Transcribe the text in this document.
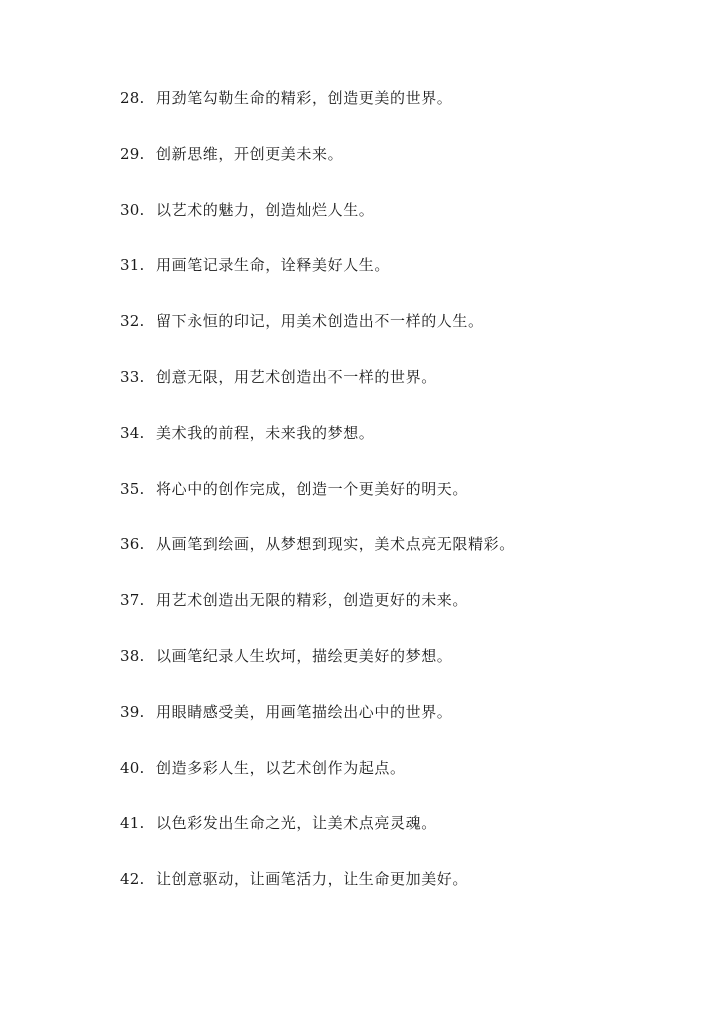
28. 用劲笔勾勒生命的精彩，创造更美的世界。
29. 创新思维，开创更美未来。
30. 以艺术的魅力，创造灿烂人生。
31. 用画笔记录生命，诠释美好人生。
32. 留下永恒的印记，用美术创造出不一样的人生。
33. 创意无限，用艺术创造出不一样的世界。
34. 美术我的前程，未来我的梦想。
35. 将心中的创作完成，创造一个更美好的明天。
36. 从画笔到绘画，从梦想到现实，美术点亮无限精彩。
37. 用艺术创造出无限的精彩，创造更好的未来。
38. 以画笔纪录人生坎坷，描绘更美好的梦想。
39. 用眼睛感受美，用画笔描绘出心中的世界。
40. 创造多彩人生，以艺术创作为起点。
41. 以色彩发出生命之光，让美术点亮灵魂。
42. 让创意驱动，让画笔活力，让生命更加美好。
